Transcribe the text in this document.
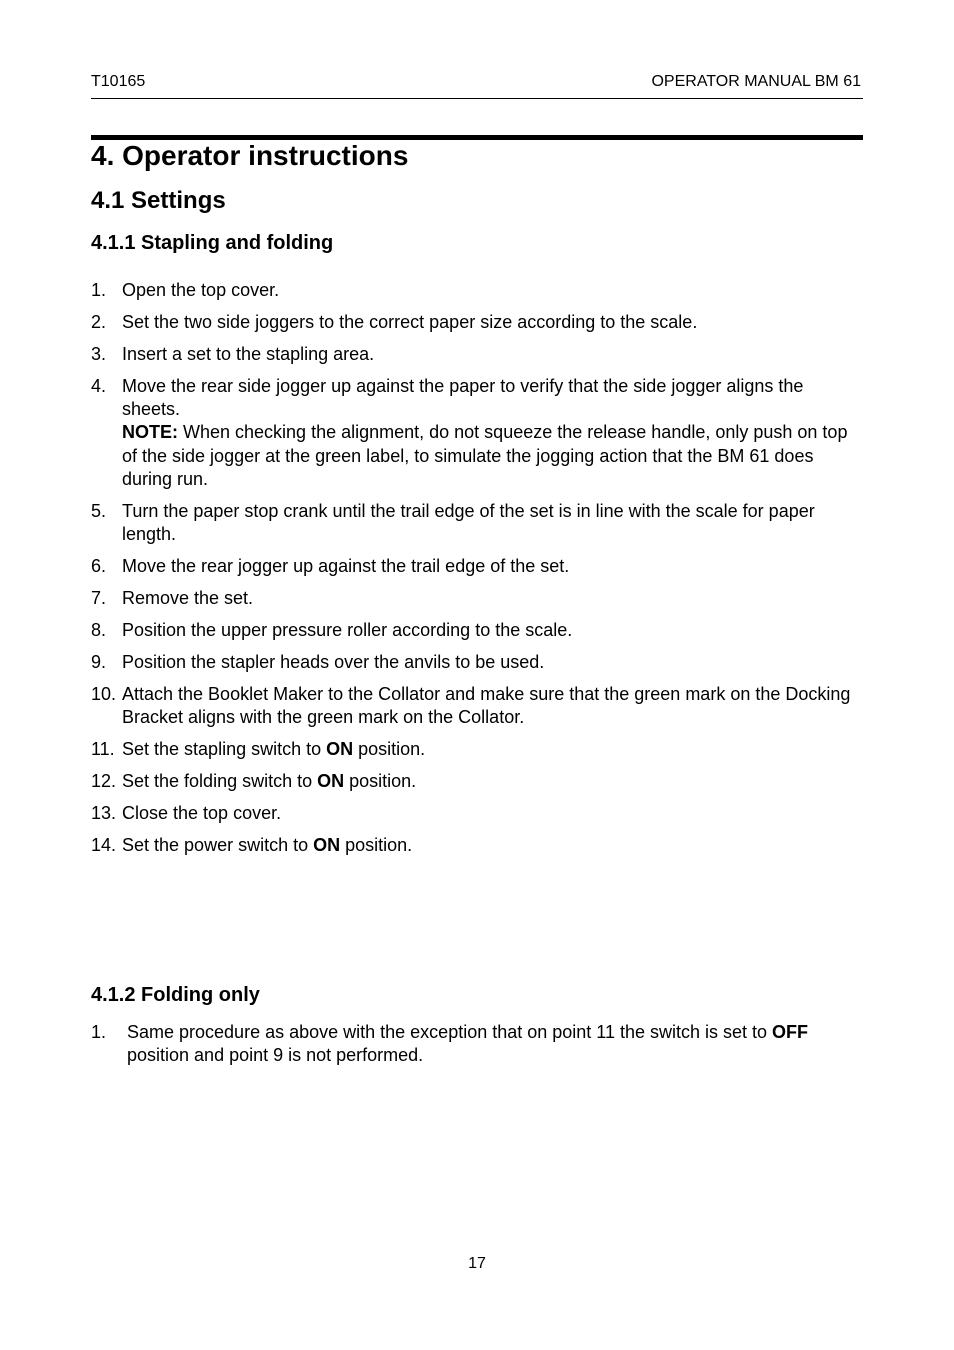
T10165	OPERATOR MANUAL BM 61
4. Operator instructions
4.1 Settings
4.1.1 Stapling and folding
1. Open the top cover.
2. Set the two side joggers to the correct paper size according to the scale.
3. Insert a set to the stapling area.
4. Move the rear side jogger up against the paper to verify that the side jogger aligns the sheets.
NOTE: When checking the alignment, do not squeeze the release handle, only push on top of the side jogger at the green label, to simulate the jogging action that the BM 61 does during run.
5. Turn the paper stop crank until the trail edge of the set is in line with the scale for paper length.
6. Move the rear jogger up against the trail edge of the set.
7. Remove the set.
8. Position the upper pressure roller according to the scale.
9. Position the stapler heads over the anvils to be used.
10. Attach the Booklet Maker to the Collator and make sure that the green mark on the Docking Bracket aligns with the green mark on the Collator.
11. Set the stapling switch to ON position.
12. Set the folding switch to ON position.
13. Close the top cover.
14. Set the power switch to ON position.
4.1.2 Folding only
1. Same procedure as above with the exception that on point 11 the switch is set to OFF position and point 9 is not performed.
17
